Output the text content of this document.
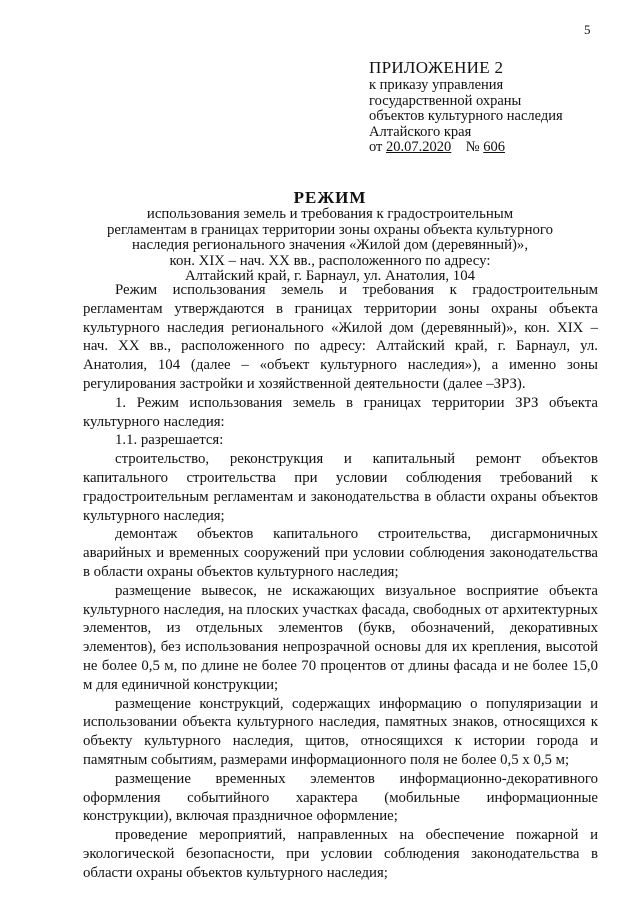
5
ПРИЛОЖЕНИЕ 2
к приказу управления
государственной охраны
объектов культурного наследия
Алтайского края
от 20.07.2020 № 606
РЕЖИМ
использования земель и требования к градостроительным
регламентам в границах территории зоны охраны объекта культурного
наследия регионального значения «Жилой дом (деревянный)»,
кон. XIX – нач. XX вв., расположенного по адресу:
Алтайский край, г. Барнаул, ул. Анатолия, 104

Режим использования земель и требования к градостроительным регламентам утверждаются в границах территории зоны охраны объекта культурного наследия регионального «Жилой дом (деревянный)», кон. XIX – нач. XX вв., расположенного по адресу: Алтайский край, г. Барнаул, ул. Анатолия, 104 (далее – «объект культурного наследия»), а именно зоны регулирования застройки и хозяйственной деятельности (далее –ЗРЗ).

1. Режим использования земель в границах территории ЗРЗ объекта культурного наследия:

1.1. разрешается:

строительство, реконструкция и капитальный ремонт объектов капитального строительства при условии соблюдения требований к градостроительным регламентам и законодательства в области охраны объектов культурного наследия;

демонтаж объектов капитального строительства, дисгармоничных аварийных и временных сооружений при условии соблюдения законодательства в области охраны объектов культурного наследия;

размещение вывесок, не искажающих визуальное восприятие объекта культурного наследия, на плоских участках фасада, свободных от архитектурных элементов, из отдельных элементов (букв, обозначений, декоративных элементов), без использования непрозрачной основы для их крепления, высотой не более 0,5 м, по длине не более 70 процентов от длины фасада и не более 15,0 м для единичной конструкции;

размещение конструкций, содержащих информацию о популяризации и использовании объекта культурного наследия, памятных знаков, относящихся к объекту культурного наследия, щитов, относящихся к истории города и памятным событиям, размерами информационного поля не более 0,5 х 0,5 м;

размещение временных элементов информационно-декоративного оформления событийного характера (мобильные информационные конструкции), включая праздничное оформление;

проведение мероприятий, направленных на обеспечение пожарной и экологической безопасности, при условии соблюдения законодательства в области охраны объектов культурного наследия;
